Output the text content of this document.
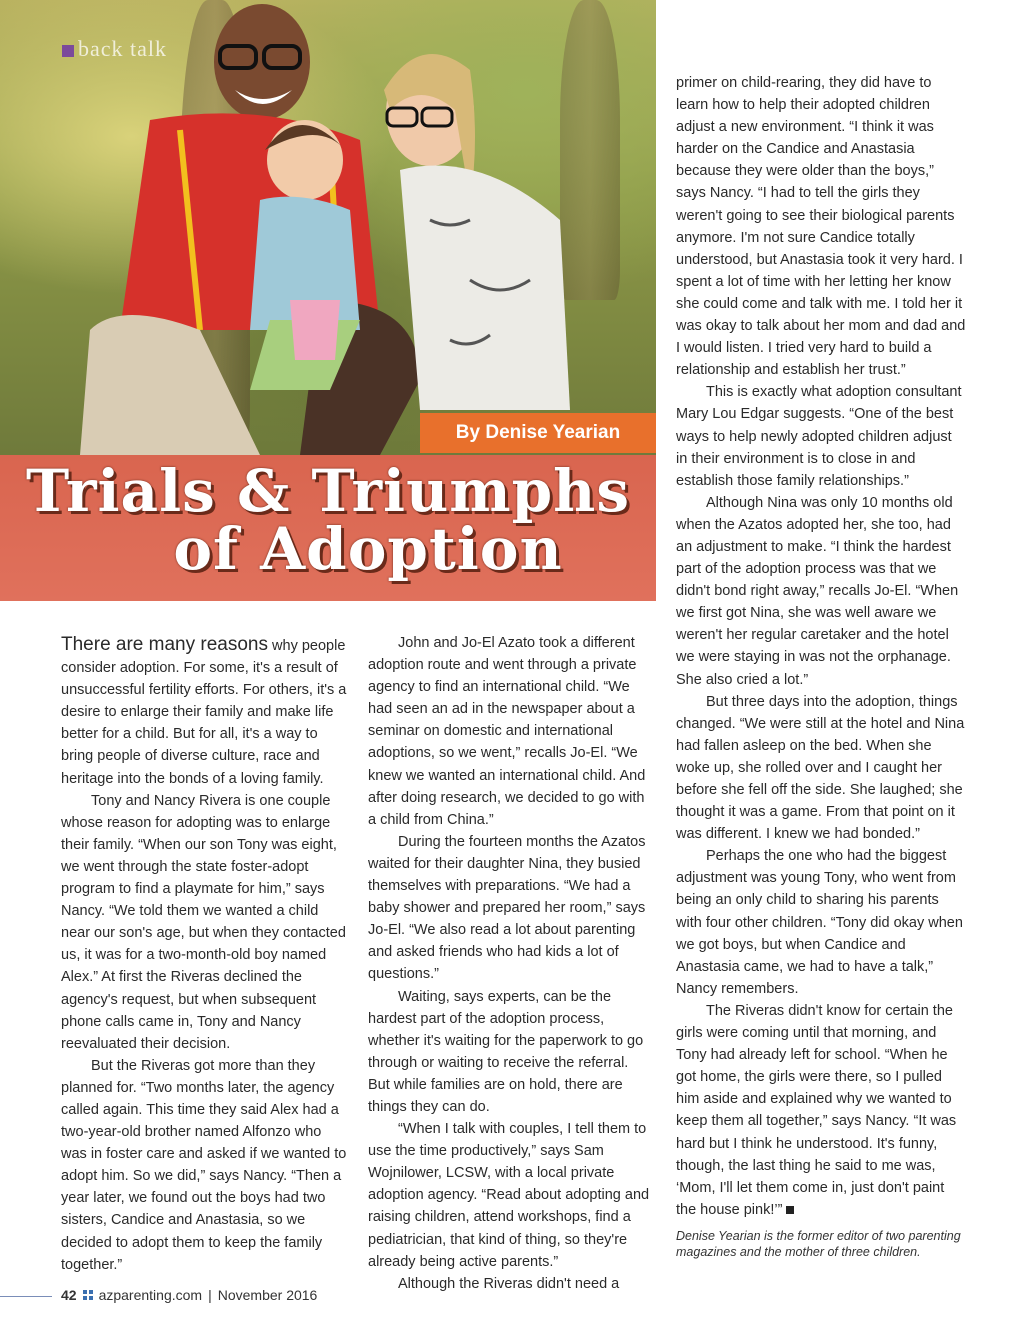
back talk
By Denise Yearian
Trials & Triumphs
of Adoption

There are many reasons why people consider adoption. For some, it's a result of unsuccessful fertility efforts. For others, it's a desire to enlarge their family and make life better for a child. But for all, it's a way to bring people of diverse culture, race and heritage into the bonds of a loving family.

Tony and Nancy Rivera is one couple whose reason for adopting was to enlarge their family. “When our son Tony was eight, we went through the state foster-adopt program to find a playmate for him,” says Nancy. “We told them we wanted a child near our son's age, but when they contacted us, it was for a two-month-old boy named Alex.” At first the Riveras declined the agency's request, but when subsequent phone calls came in, Tony and Nancy reevaluated their decision.

But the Riveras got more than they planned for. “Two months later, the agency called again. This time they said Alex had a two-year-old brother named Alfonzo who was in foster care and asked if we wanted to adopt him. So we did,” says Nancy. “Then a year later, we found out the boys had two sisters, Candice and Anastasia, so we decided to adopt them to keep the family together.”

John and Jo-El Azato took a different adoption route and went through a private agency to find an international child. “We had seen an ad in the newspaper about a seminar on domestic and international adoptions, so we went,” recalls Jo-El. “We knew we wanted an international child. And after doing research, we decided to go with a child from China.”

During the fourteen months the Azatos waited for their daughter Nina, they busied themselves with preparations. “We had a baby shower and prepared her room,” says Jo-El. “We also read a lot about parenting and asked friends who had kids a lot of questions.”

Waiting, says experts, can be the hardest part of the adoption process, whether it's waiting for the paperwork to go through or waiting to receive the referral. But while families are on hold, there are things they can do.

“When I talk with couples, I tell them to use the time productively,” says Sam Wojnilower, LCSW, with a local private adoption agency. “Read about adopting and raising children, attend workshops, find a pediatrician, that kind of thing, so they're already being active parents.”

Although the Riveras didn't need a

primer on child-rearing, they did have to learn how to help their adopted children adjust a new environment. “I think it was harder on the Candice and Anastasia because they were older than the boys,” says Nancy. “I had to tell the girls they weren't going to see their biological parents anymore. I'm not sure Candice totally understood, but Anastasia took it very hard. I spent a lot of time with her letting her know she could come and talk with me. I told her it was okay to talk about her mom and dad and I would listen. I tried very hard to build a relationship and establish her trust.”

This is exactly what adoption consultant Mary Lou Edgar suggests. “One of the best ways to help newly adopted children adjust in their environment is to close in and establish those family relationships.”

Although Nina was only 10 months old when the Azatos adopted her, she too, had an adjustment to make. “I think the hardest part of the adoption process was that we didn't bond right away,” recalls Jo-El. “When we first got Nina, she was well aware we weren't her regular caretaker and the hotel we were staying in was not the orphanage. She also cried a lot.”

But three days into the adoption, things changed. “We were still at the hotel and Nina had fallen asleep on the bed. When she woke up, she rolled over and I caught her before she fell off the side. She laughed; she thought it was a game. From that point on it was different. I knew we had bonded.”

Perhaps the one who had the biggest adjustment was young Tony, who went from being an only child to sharing his parents with four other children. “Tony did okay when we got boys, but when Candice and Anastasia came, we had to have a talk,” Nancy remembers.

The Riveras didn't know for certain the girls were coming until that morning, and Tony had already left for school. “When he got home, the girls were there, so I pulled him aside and explained why we wanted to keep them all together,” says Nancy. “It was hard but I think he understood. It's funny, though, the last thing he said to me was, ‘Mom, I'll let them come in, just don't paint the house pink!’”

Denise Yearian is the former editor of two parenting magazines and the mother of three children.
42 azparenting.com | November 2016
